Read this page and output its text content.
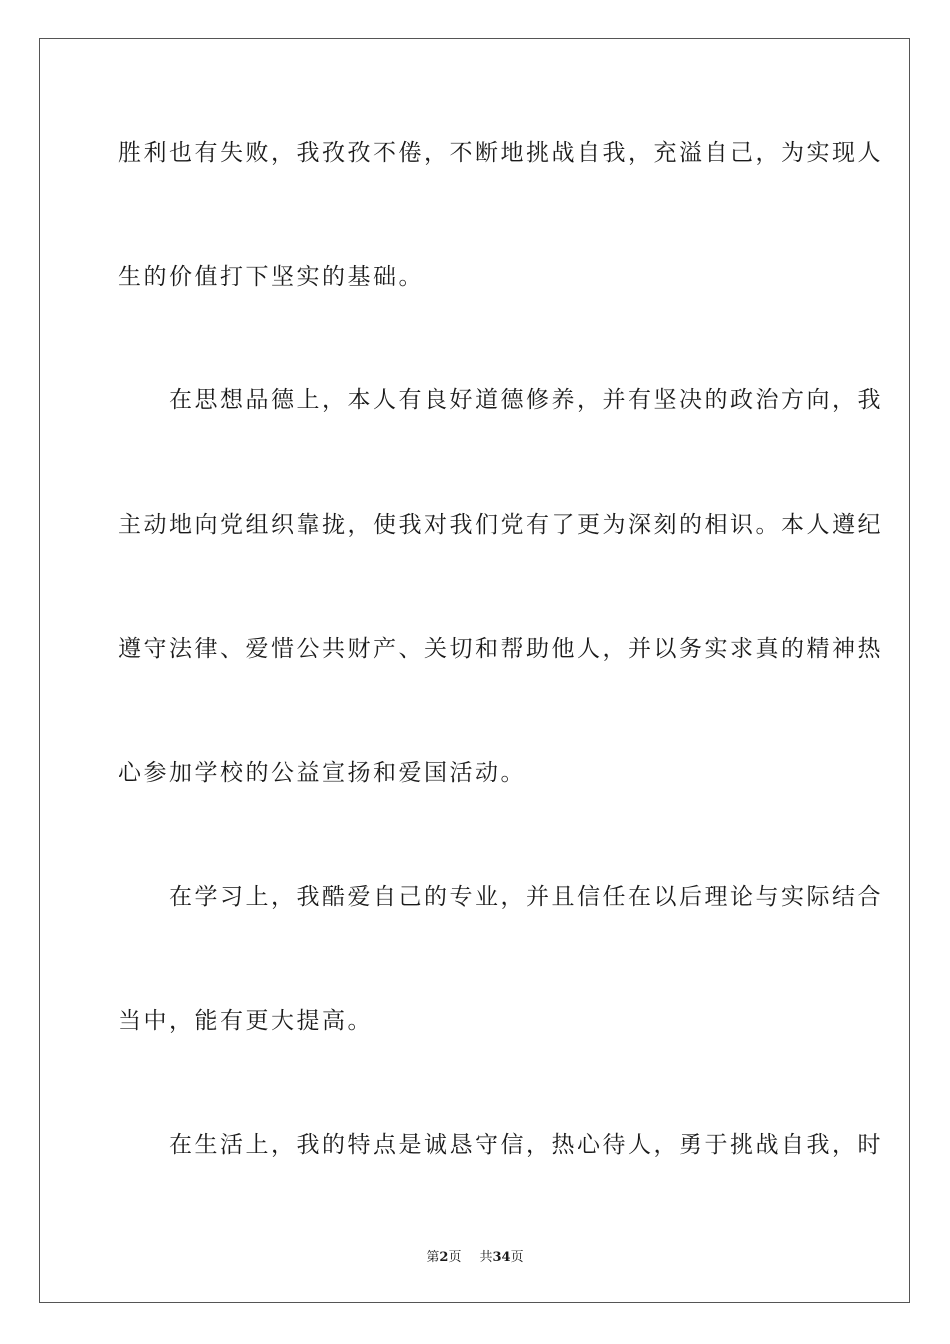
胜利也有失败，我孜孜不倦，不断地挑战自我，充溢自己，为实现人
生的价值打下坚实的基础。
　　在思想品德上，本人有良好道德修养，并有坚决的政治方向，我
主动地向党组织靠拢，使我对我们党有了更为深刻的相识。本人遵纪
遵守法律、爱惜公共财产、关切和帮助他人，并以务实求真的精神热
心参加学校的公益宣扬和爱国活动。
　　在学习上，我酷爱自己的专业，并且信任在以后理论与实际结合
当中，能有更大提高。
　　在生活上，我的特点是诚恳守信，热心待人，勇于挑战自我，时
第2页 共34页
